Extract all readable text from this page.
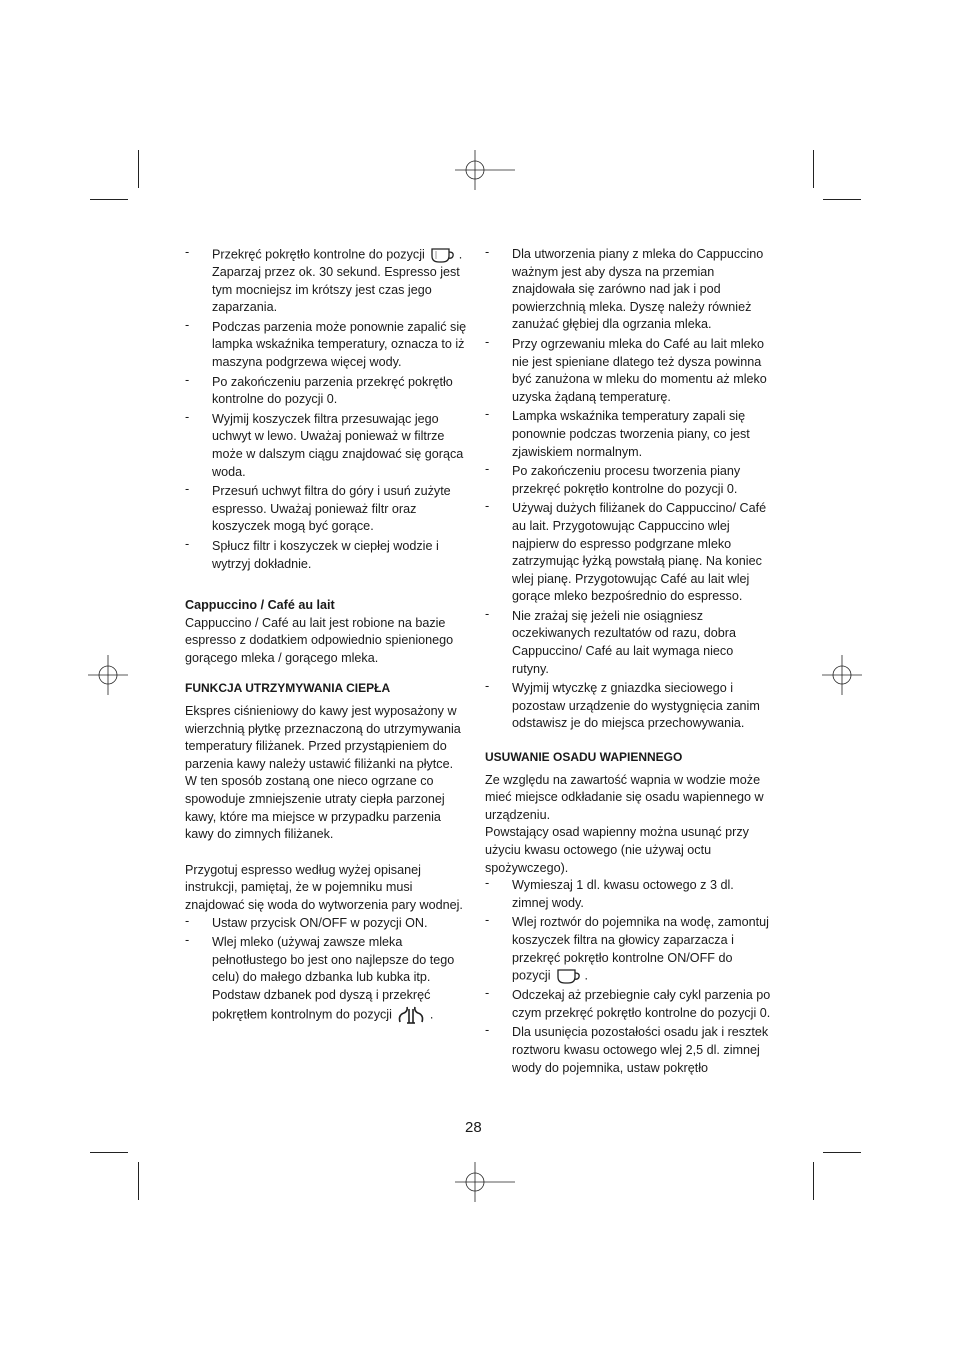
- Przekręć pokrętło kontrolne do pozycji	. Zaparzaj przez ok. 30 sekund. Espresso jest tym mocniejsz im krótszy jest czas jego zaparzania.
- Podczas parzenia może ponownie zapalić się lampka wskaźnika temperatury, oznacza to iż maszyna podgrzewa więcej wody.
- Po zakończeniu parzenia przekręć pokrętło kontrolne do pozycji 0.
- Wyjmij koszyczek filtra przesuwając jego uchwyt w lewo. Uważaj ponieważ w filtrze może w dalszym ciągu znajdować się gorąca woda.
- Przesuń uchwyt filtra do góry i usuń zużyte espresso. Uważaj ponieważ filtr oraz koszyczek mogą być gorące.
- Spłucz filtr i koszyczek w ciepłej wodzie i wytrzyj dokładnie.
Cappuccino / Café au lait

Cappuccino / Café au lait jest robione na bazie espresso z dodatkiem odpowiednio spienionego gorącego mleka / gorącego mleka.

FUNKCJA UTRZYMYWANIA CIEPŁA

Ekspres ciśnieniowy do kawy jest wyposażony w wierzchnią płytkę przeznaczoną do utrzymywania temperatury filiżanek. Przed przystąpieniem do parzenia kawy należy ustawić filiżanki na płytce. W ten sposób zostaną one nieco ogrzane co spowoduje zmniejszenie utraty ciepła parzonej kawy, które ma miejsce w przypadku parzenia kawy do zimnych filiżanek.

Przygotuj espresso według wyżej opisanej instrukcji, pamiętaj, że w pojemniku musi znajdować się woda do wytworzenia pary wodnej.

- Ustaw przycisk ON/OFF w pozycji ON.
- Wlej mleko (używaj zawsze mleka pełnotłustego bo jest ono najlepsze do tego celu) do małego dzbanka lub kubka itp. Podstaw dzbanek pod dyszą i przekręć pokrętłem kontrolnym do pozycji	.
- Dla utworzenia piany z mleka do Cappuccino ważnym jest aby dysza na przemian znajdowała się zarówno nad jak i pod powierzchnią mleka. Dyszę należy również zanużać głębiej dla ogrzania mleka.
- Przy ogrzewaniu mleka do Café au lait mleko nie jest spieniane dlatego też dysza powinna być zanużona w mleku do momentu aż mleko uzyska żądaną temperaturę.
- Lampka wskaźnika temperatury zapali się ponownie podczas tworzenia piany, co jest zjawiskiem normalnym.
- Po zakończeniu procesu tworzenia piany przekręć pokrętło kontrolne do pozycji 0.
- Używaj dużych filiżanek do Cappuccino/ Café au lait. Przygotowując Cappuccino wlej najpierw do espresso podgrzane mleko zatrzymując łyżką powstałą pianę. Na koniec wlej pianę. Przygotowując Café au lait wlej gorące mleko bezpośrednio do espresso.
- Nie zrażaj się jeżeli nie osiągniesz oczekiwanych rezultatów od razu, dobra Cappuccino/ Café au lait wymaga nieco rutyny.
- Wyjmij wtyczkę z gniazdka sieciowego i pozostaw urządzenie do wystygnięcia zanim odstawisz je do miejsca przechowywania.
USUWANIE OSADU WAPIENNEGO

Ze względu na zawartość wapnia w wodzie może mieć miejsce odkładanie się osadu wapiennego w urządzeniu.

Powstający osad wapienny można usunąć przy użyciu kwasu octowego (nie używaj octu spożywczego).

- Wymieszaj 1 dl. kwasu octowego z 3 dl. zimnej wody.
- Wlej roztwór do pojemnika na wodę, zamontuj koszyczek filtra na głowicy zaparzacza i przekręć pokrętło kontrolne ON/OFF do pozycji	.
- Odczekaj aż przebiegnie cały cykl parzenia po czym przekręć pokrętło kontrolne do pozycji 0.
- Dla usunięcia pozostałości osadu jak i resztek roztworu kwasu octowego wlej 2,5 dl. zimnej wody do pojemnika, ustaw pokrętło
28
